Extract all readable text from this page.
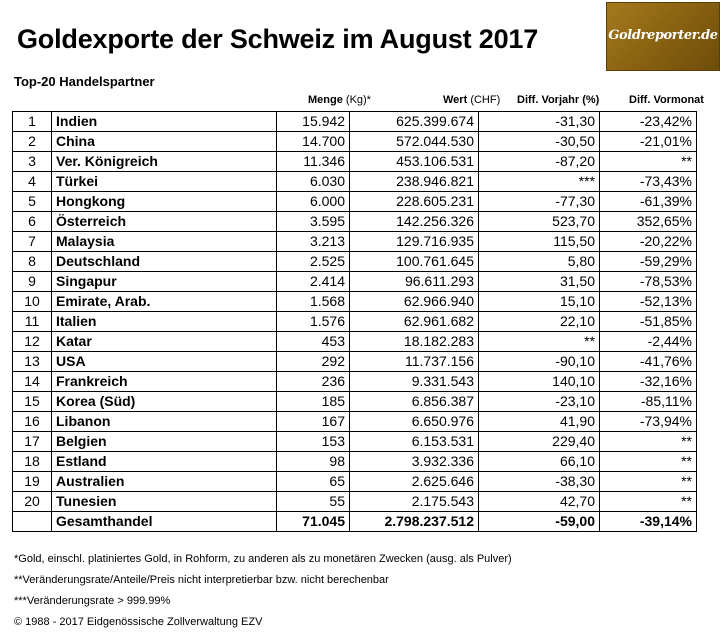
Goldexporte der Schweiz im August 2017	Goldreporter.de
Top-20 Handelspartner
Menge (Kg)*	Wert (CHF) Diff. Vorjahr (%)	Diff. Vormonat
1	Indien	15.942	625.399.674	-31,30	-23,42%
2	China	14.700	572.044.530	-30,50	-21,01%
3	Ver. Königreich	11.346	453.106.531	-87,20	**
4	Türkei	6.030	238.946.821	***	-73,43%
5	Hongkong	6.000	228.605.231	-77,30	-61,39%
6	Österreich	3.595	142.256.326	523,70	352,65%
7	Malaysia	3.213	129.716.935	115,50	-20,22%
8	Deutschland	2.525	100.761.645	5,80	-59,29%
9	Singapur	2.414	96.611.293	31,50	-78,53%
10	Emirate, Arab.	1.568	62.966.940	15,10	-52,13%
11	Italien	1.576	62.961.682	22,10	-51,85%
12	Katar	453	18.182.283	**	-2,44%
13	USA	292	11.737.156	-90,10	-41,76%
14	Frankreich	236	9.331.543	140,10	-32,16%
15	Korea (Süd)	185	6.856.387	-23,10	-85,11%
16	Libanon	167	6.650.976	41,90	-73,94%
17	Belgien	153	6.153.531	229,40	**
18	Estland	98	3.932.336	66,10	**
19	Australien	65	2.625.646	-38,30	**
20	Tunesien	55	2.175.543	42,70	**
	Gesamthandel	71.045	2.798.237.512	-59,00	-39,14%
*Gold, einschl. platiniertes Gold, in Rohform, zu anderen als zu monetären Zwecken (ausg. als Pulver)
**Veränderungsrate/Anteile/Preis nicht interpretierbar bzw. nicht berechenbar
***Veränderungsrate > 999.99%
© 1988 - 2017 Eidgenössische Zollverwaltung EZV
